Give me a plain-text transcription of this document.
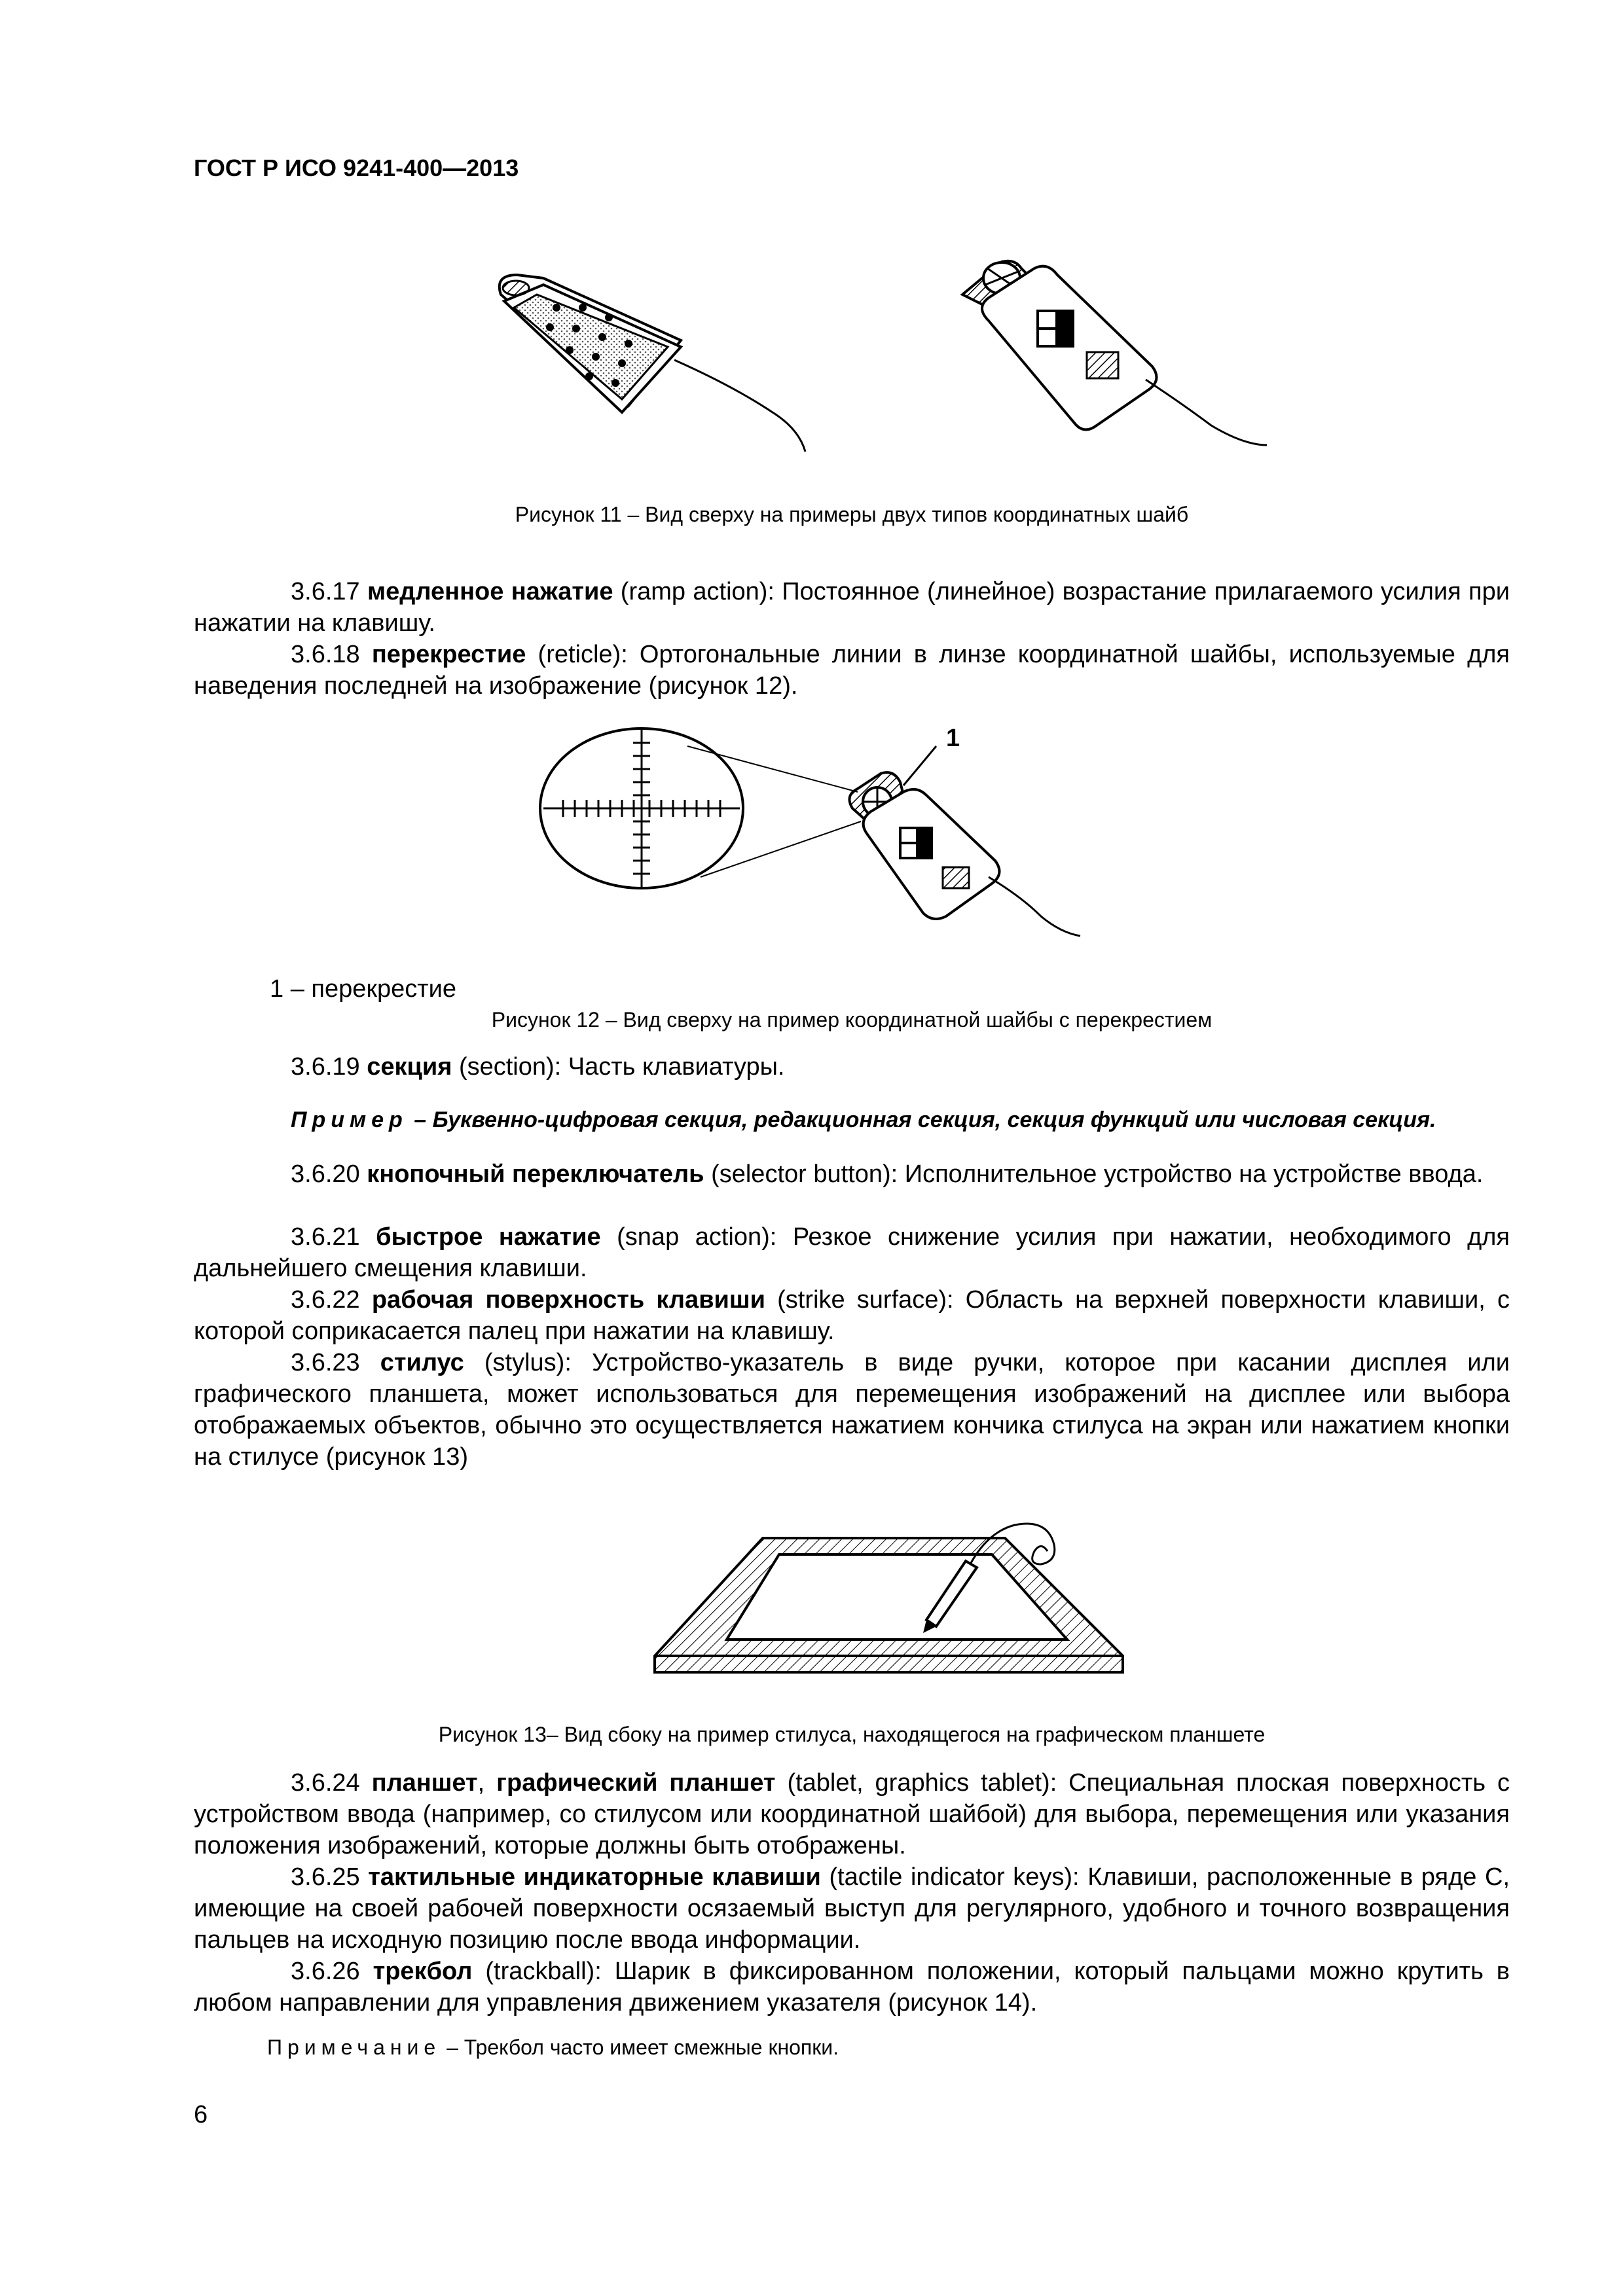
ГОСТ Р ИСО 9241-400—2013
Рисунок 11 – Вид сверху на примеры двух типов координатных шайб
3.6.17 медленное нажатие (ramp action): Постоянное (линейное) возрастание прилагаемого усилия при нажатии на клавишу.
3.6.18 перекрестие (reticle): Ортогональные линии в линзе координатной шайбы, используемые для наведения последней на изображение (рисунок 12).
1
1 – перекрестие
Рисунок 12 – Вид сверху на пример координатной шайбы с перекрестием
3.6.19 секция (section): Часть клавиатуры.
Пример – Буквенно-цифровая секция, редакционная секция, секция функций или числовая секция.
3.6.20 кнопочный переключатель (selector button): Исполнительное устройство на устройстве ввода.
3.6.21 быстрое нажатие (snap action): Резкое снижение усилия при нажатии, необходимого для дальнейшего смещения клавиши.
3.6.22 рабочая поверхность клавиши (strike surface): Область на верхней поверхности клавиши, с которой соприкасается палец при нажатии на клавишу.
3.6.23 стилус (stylus): Устройство-указатель в виде ручки, которое при касании дисплея или графического планшета, может использоваться для перемещения изображений на дисплее или выбора отображаемых объектов, обычно это осуществляется нажатием кончика стилуса на экран или нажатием кнопки на стилусе (рисунок 13)
Рисунок 13– Вид сбоку на пример стилуса, находящегося на графическом планшете
3.6.24 планшет, графический планшет (tablet, graphics tablet): Специальная плоская поверхность с устройством ввода (например, со стилусом или координатной шайбой) для выбора, перемещения или указания положения изображений, которые должны быть отображены.
3.6.25 тактильные индикаторные клавиши (tactile indicator keys): Клавиши, расположенные в ряде С, имеющие на своей рабочей поверхности осязаемый выступ для регулярного, удобного и точного возвращения пальцев на исходную позицию после ввода информации.
3.6.26 трекбол (trackball): Шарик в фиксированном положении, который пальцами можно крутить в любом направлении для управления движением указателя (рисунок 14).
Примечание – Трекбол часто имеет смежные кнопки.
6
